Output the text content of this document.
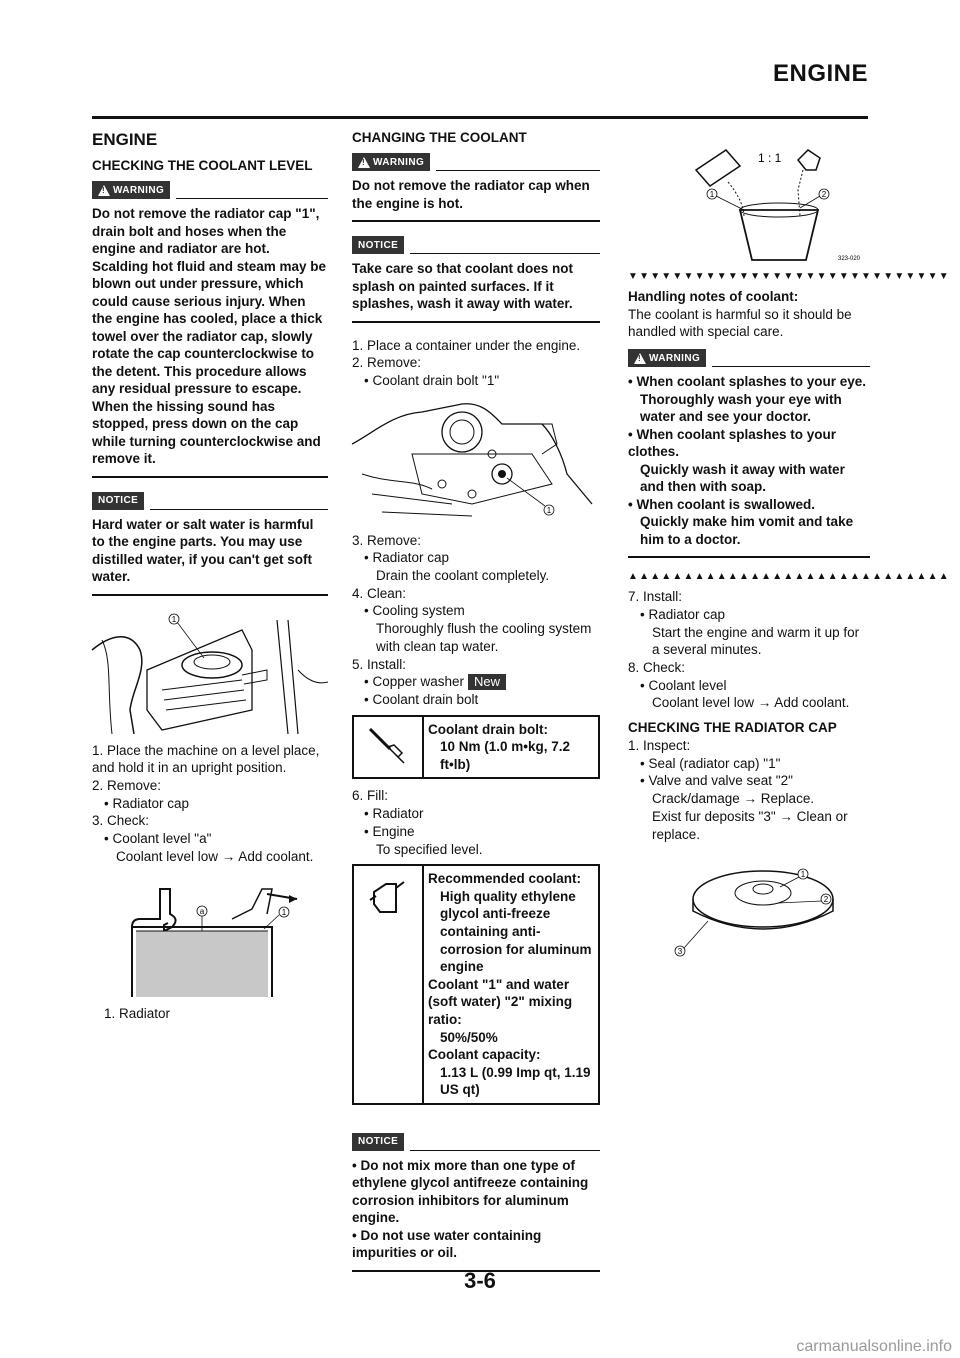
ENGINE
ENGINE
CHECKING THE COOLANT LEVEL
!
WARNING
Do not remove the radiator cap "1", drain bolt and hoses when the engine and radiator are hot. Scalding hot fluid and steam may be blown out under pressure, which could cause serious injury. When the engine has cooled, place a thick towel over the radiator cap, slowly rotate the cap counterclockwise to the detent. This procedure allows any residual pressure to escape. When the hissing sound has stopped, press down on the cap while turning counterclockwise and remove it.
NOTICE
Hard water or salt water is harmful to the engine parts. You may use distilled water, if you can't get soft water.
1

1. Place the machine on a level place, and hold it in an upright position.

2. Remove:

• Radiator cap

3. Check:

• Coolant level "a"

Coolant level low → Add coolant.

a	1
1. Radiator
CHANGING THE COOLANT
!
WARNING
Do not remove the radiator cap when the engine is hot.
NOTICE
Take care so that coolant does not splash on painted surfaces. If it splashes, wash it away with water.

1. Place a container under the engine.

2. Remove:

• Coolant drain bolt "1"

1

3. Remove:

• Radiator cap

Drain the coolant completely.

4. Clean:

• Cooling system

Thoroughly flush the cooling system with clean tap water.

5. Install:

• Copper washer New

• Coolant drain bolt

Coolant drain bolt:
10 Nm (1.0 m•kg, 7.2 ft•lb)

6. Fill:

• Radiator

• Engine

To specified level.

Recommended coolant:
High quality ethylene glycol anti-freeze containing anti-corrosion for aluminum engine
Coolant "1" and water (soft water) "2" mixing ratio:
50%/50%
Coolant capacity:
1.13 L (0.99 Imp qt, 1.19 US qt)
NOTICE
• Do not mix more than one type of ethylene glycol antifreeze containing corrosion inhibitors for aluminum engine.
• Do not use water containing impurities or oil.
1 : 1
1	2
323-020
▼▼▼▼▼▼▼▼▼▼▼▼▼▼▼▼▼▼▼▼▼▼▼▼▼▼▼▼▼

Handling notes of coolant:

The coolant is harmful so it should be handled with special care.

!
WARNING
• When coolant splashes to your eye.
Thoroughly wash your eye with water and see your doctor.
• When coolant splashes to your clothes.
Quickly wash it away with water and then with soap.
• When coolant is swallowed.
Quickly make him vomit and take him to a doctor.
▲▲▲▲▲▲▲▲▲▲▲▲▲▲▲▲▲▲▲▲▲▲▲▲▲▲▲▲▲

7. Install:

• Radiator cap

Start the engine and warm it up for a several minutes.

8. Check:

• Coolant level

Coolant level low → Add coolant.

CHECKING THE RADIATOR CAP

1. Inspect:

• Seal (radiator cap) "1"

• Valve and valve seat "2"

Crack/damage → Replace.

Exist fur deposits "3" → Clean or replace.

1
2
3
3-6
carmanualsonline.info
